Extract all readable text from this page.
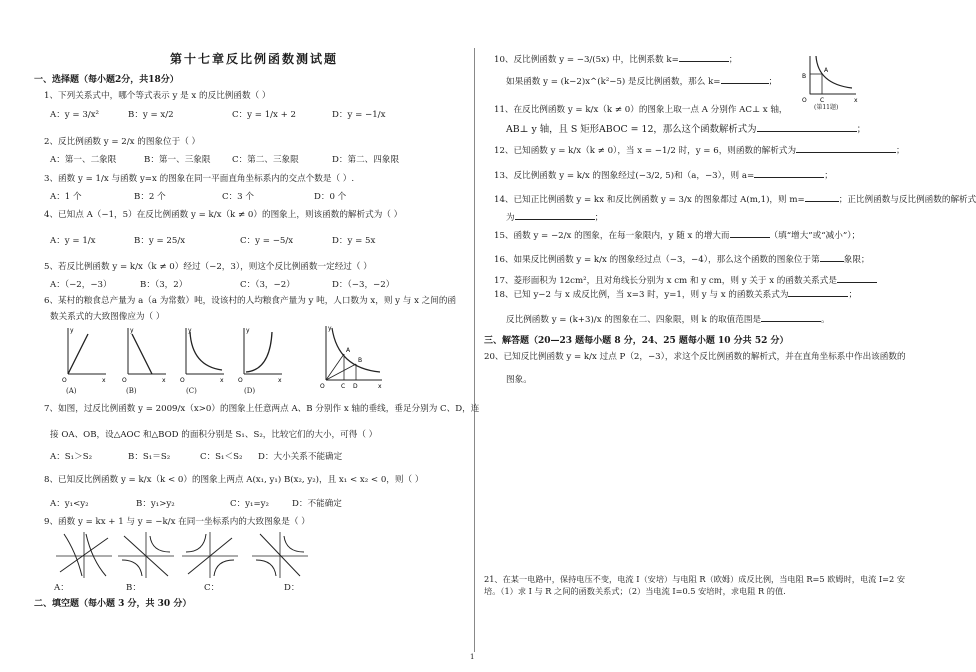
第十七章反比例函数测试题
一、选择题（每小题2分，共18分）
1、下列关系式中，哪个等式表示 y 是 x 的反比例函数（ ）
A：y = 3/x²	B：y = x/2	C：y = 1/x + 2	D：y = −1/x
2、反比例函数 y = 2/x 的图象位于（ ）
A：第一、二象限	B：第一、三象限	C：第二、三象限	D：第二、四象限
3、函数 y = 1/x 与函数 y=x 的图象在同一平面直角坐标系内的交点个数是（ ）.
A：1 个	B：2 个	C：3 个	D：0 个
4、已知点 A（−1，5）在反比例函数 y = k/x（k ≠ 0）的图象上，则该函数的解析式为（ ）
A：y = 1/x	B：y = 25/x	C：y = −5/x	D：y = 5x
5、若反比例函数 y = k/x（k ≠ 0）经过（−2，3），则这个反比例函数一定经过（ ）
A：（−2，−3）	B：（3，2）	C：（3，−2）	D：（−3，−2）
6、某村的粮食总产量为 a（a 为常数）吨，设该村的人均粮食产量为 y 吨，人口数为 x，则 y 与 x 之间的函
数关系式的大致图像应为（ ）
O	x
y
O	x
y
O	x
y
O	x
y
(A)	(B)	(C)	(D)
A
B
O	C D	x
y
7、如图，过反比例函数 y = 2009/x（x>0）的图象上任意两点 A、B 分别作 x 轴的垂线，垂足分别为 C、D，连
接 OA、OB，设△AOC 和△BOD 的面积分别是 S₁、S₂，比较它们的大小，可得（ ）
A：S₁＞S₂	B：S₁＝S₂	C：S₁＜S₂ D：大小关系不能确定
8、已知反比例函数 y = k/x（k < 0）的图象上两点 A(x₁, y₁) B(x₂, y₂)，且 x₁ < x₂ < 0，则（ ）
A：y₁<y₂	B：y₁>y₂	C：y₁=y₂	D：不能确定
9、函数 y = kx + 1 与 y = −k/x 在同一坐标系内的大致图象是（ ）
A：	B：	C：	D：
二、填空题（每小题 3 分，共 30 分）
10、反比例函数 y = −3/(5x) 中，比例系数 k=	；
如果函数 y = (k−2)x^(k²−5) 是反比例函数，那么 k=	；
A
B
O C	x
(第11题)
11、在反比例函数 y = k/x（k ≠ 0）的图象上取一点 A 分别作 AC⊥ x 轴，
AB⊥ y 轴，且 S 矩形ABOC = 12，那么这个函数解析式为	；
12、已知函数 y = k/x（k ≠ 0），当 x = −1/2 时，y = 6，则函数的解析式为	；
13、反比例函数 y = k/x 的图象经过(−3/2, 5)和（a，−3），则 a=	；
14、已知正比例函数 y = kx 和反比例函数 y = 3/x 的图象都过 A(m,1)，则 m=	；正比例函数与反比例函数的解析式
为	；
15、函数 y = −2/x 的图象，在每一象限内，y 随 x 的增大而	（填“增大”或“减小”）；
16、如果反比例函数 y = k/x 的图象经过点（−3，−4），那么这个函数的图象位于第	象限；
17、菱形面积为 12cm²，且对角线长分别为 x cm 和 y cm，则 y 关于 x 的函数关系式是
18、已知 y−2 与 x 成反比例，当 x=3 时，y=1，则 y 与 x 的函数关系式为	；
反比例函数 y = (k+3)/x 的图象在二、四象限，则 k 的取值范围是	。
三、解答题（20—23 题每小题 8 分，24、25 题每小题 10 分共 52 分）
20、已知反比例函数 y = k/x 过点 P（2，−3），求这个反比例函数的解析式，并在直角坐标系中作出该函数的
图象。
21、在某一电路中，保持电压不变，电流 I（安培）与电阻 R（欧姆）成反比例，当电阻 R=5 欧姆时，电流 I=2 安
培。（1）求 I 与 R 之间的函数关系式；（2）当电流 I=0.5 安培时，求电阻 R 的值.
1
